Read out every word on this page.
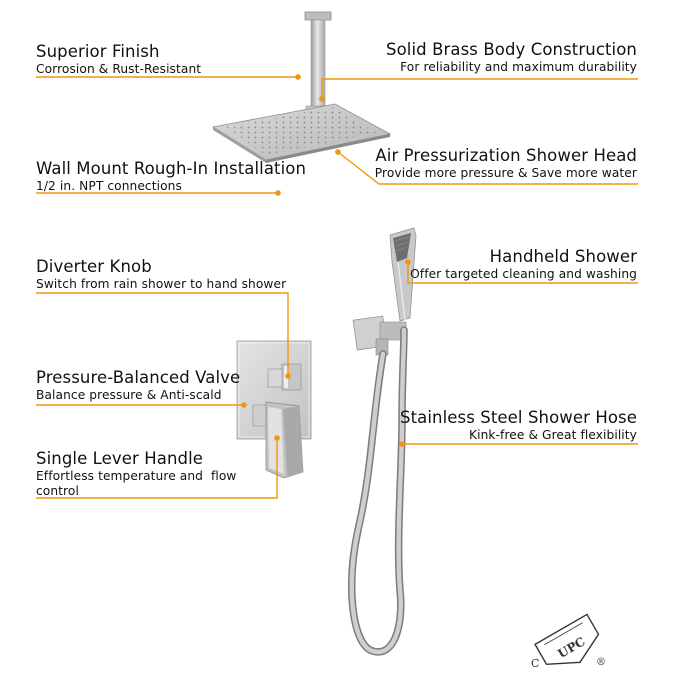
UPC
C	®
Superior Finish
Corrosion & Rust-Resistant
Solid Brass Body Construction
For reliability and maximum durability
Wall Mount Rough-In Installation
1/2 in. NPT connections
Air Pressurization Shower Head
Provide more pressure & Save more water
Diverter Knob
Switch from rain shower to hand shower
Handheld Shower
Offer targeted cleaning and washing
Pressure-Balanced Valve
Balance pressure & Anti-scald
Stainless Steel Shower Hose
Kink-free & Great flexibility
Single Lever Handle
Effortless temperature and  flow control
